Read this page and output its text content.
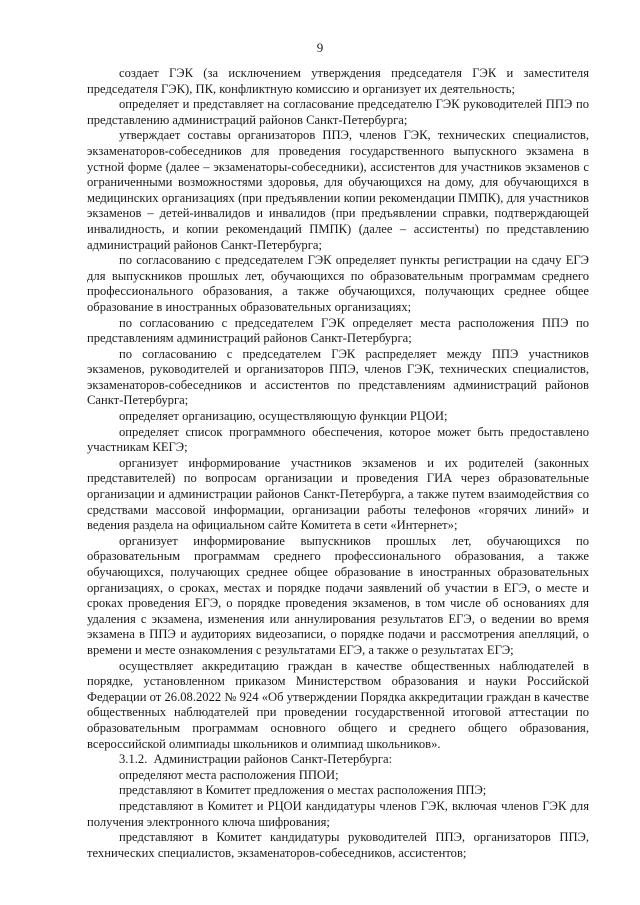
9

создает ГЭК (за исключением утверждения председателя ГЭК и заместителя председателя ГЭК), ПК, конфликтную комиссию и организует их деятельность;

определяет и представляет на согласование председателю ГЭК руководителей ППЭ по представлению администраций районов Санкт-Петербурга;

утверждает составы организаторов ППЭ, членов ГЭК, технических специалистов, экзаменаторов-собеседников для проведения государственного выпускного экзамена в устной форме (далее – экзаменаторы-собеседники), ассистентов для участников экзаменов с ограниченными возможностями здоровья, для обучающихся на дому, для обучающихся в медицинских организациях (при предъявлении копии рекомендации ПМПК), для участников экзаменов – детей-инвалидов и инвалидов (при предъявлении справки, подтверждающей инвалидность, и копии рекомендаций ПМПК) (далее – ассистенты) по представлению администраций районов Санкт-Петербурга;

по согласованию с председателем ГЭК определяет пункты регистрации на сдачу ЕГЭ для выпускников прошлых лет, обучающихся по образовательным программам среднего профессионального образования, а также обучающихся, получающих среднее общее образование в иностранных образовательных организациях;

по согласованию с председателем ГЭК определяет места расположения ППЭ по представлениям администраций районов Санкт-Петербурга;

по согласованию с председателем ГЭК распределяет между ППЭ участников экзаменов, руководителей и организаторов ППЭ, членов ГЭК, технических специалистов, экзаменаторов-собеседников и ассистентов по представлениям администраций районов Санкт-Петербурга;

определяет организацию, осуществляющую функции РЦОИ;

определяет список программного обеспечения, которое может быть предоставлено участникам КЕГЭ;

организует информирование участников экзаменов и их родителей (законных представителей) по вопросам организации и проведения ГИА через образовательные организации и администрации районов Санкт-Петербурга, а также путем взаимодействия со средствами массовой информации, организации работы телефонов «горячих линий» и ведения раздела на официальном сайте Комитета в сети «Интернет»;

организует информирование выпускников прошлых лет, обучающихся по образовательным программам среднего профессионального образования, а также обучающихся, получающих среднее общее образование в иностранных образовательных организациях, о сроках, местах и порядке подачи заявлений об участии в ЕГЭ, о месте и сроках проведения ЕГЭ, о порядке проведения экзаменов, в том числе об основаниях для удаления с экзамена, изменения или аннулирования результатов ЕГЭ, о ведении во время экзамена в ППЭ и аудиториях видеозаписи, о порядке подачи и рассмотрения апелляций, о времени и месте ознакомления с результатами ЕГЭ, а также о результатах ЕГЭ;

осуществляет аккредитацию граждан в качестве общественных наблюдателей в порядке, установленном приказом Министерством образования и науки Российской Федерации от 26.08.2022 № 924 «Об утверждении Порядка аккредитации граждан в качестве общественных наблюдателей при проведении государственной итоговой аттестации по образовательным программам основного общего и среднего общего образования, всероссийской олимпиады школьников и олимпиад школьников».

3.1.2.  Администрации районов Санкт-Петербурга:

определяют места расположения ППОИ;

представляют в Комитет предложения о местах расположения ППЭ;

представляют в Комитет и РЦОИ кандидатуры членов ГЭК, включая членов ГЭК для получения электронного ключа шифрования;

представляют в Комитет кандидатуры руководителей ППЭ, организаторов ППЭ, технических специалистов, экзаменаторов-собеседников, ассистентов;
